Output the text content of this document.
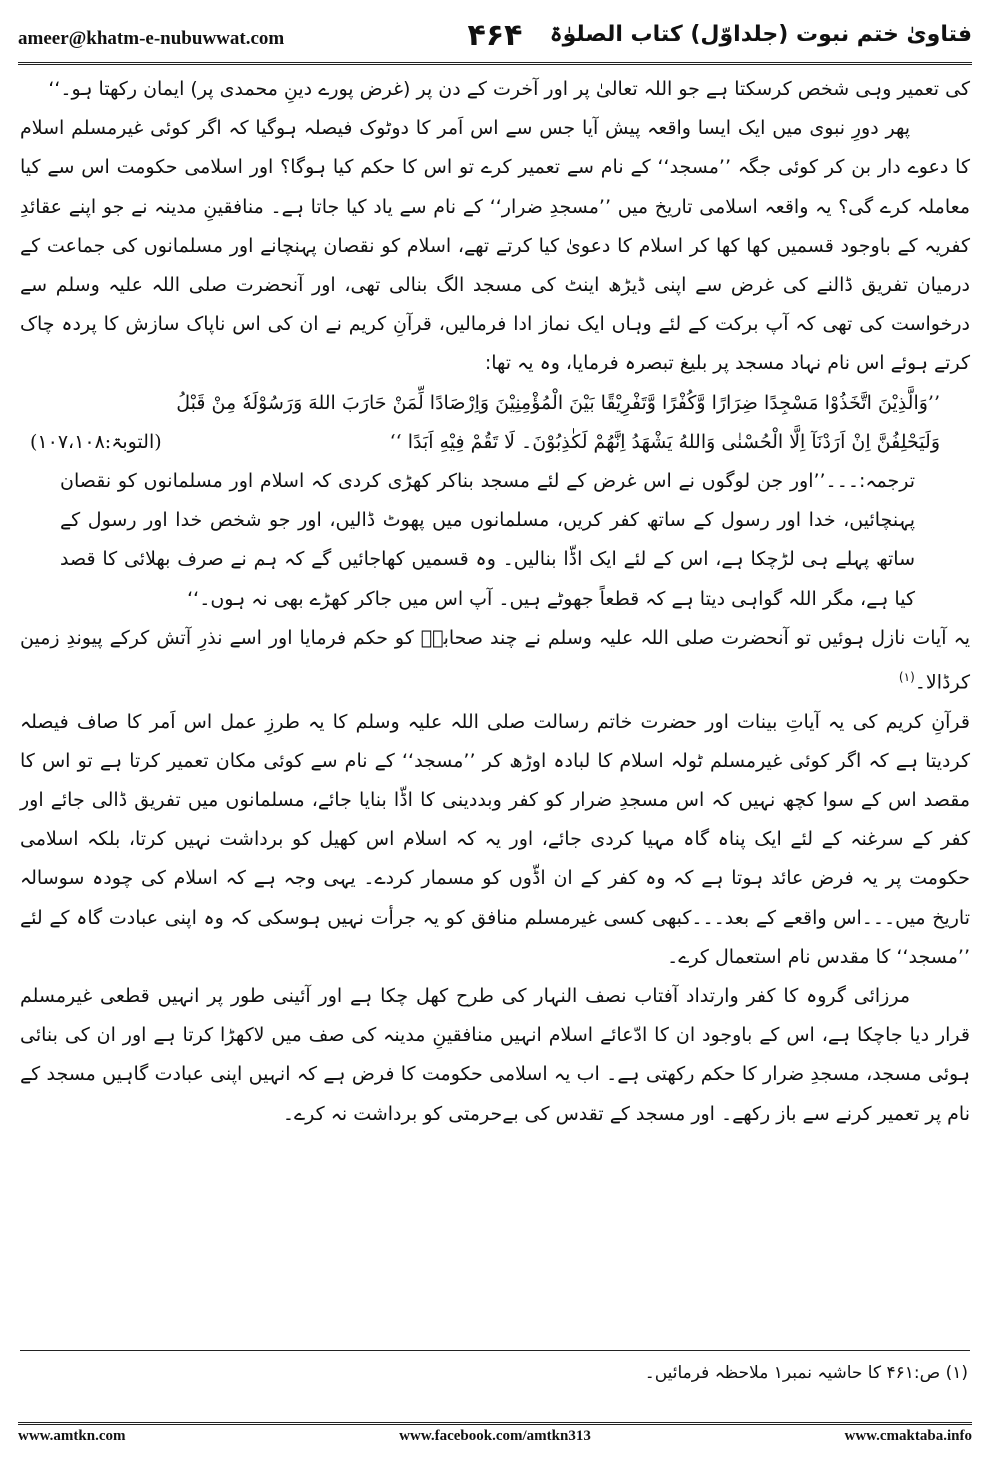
ameer@khatm-e-nubuwwat.com	۴۶۴	فتاویٰ ختم نبوت (جلداوّل) کتاب الصلوٰۃ

کی تعمیر وہی شخص کرسکتا ہے جو اللہ تعالیٰ پر اور آخرت کے دن پر (غرض پورے دینِ محمدی پر) ایمان رکھتا ہو۔‘‘

پھر دورِ نبوی میں ایک ایسا واقعہ پیش آیا جس سے اس اَمر کا دوٹوک فیصلہ ہوگیا کہ اگر کوئی غیرمسلم اسلام کا دعوے دار بن کر کوئی جگہ ’’مسجد‘‘ کے نام سے تعمیر کرے تو اس کا حکم کیا ہوگا؟ اور اسلامی حکومت اس سے کیا معاملہ کرے گی؟ یہ واقعہ اسلامی تاریخ میں ’’مسجدِ ضرار‘‘ کے نام سے یاد کیا جاتا ہے۔ منافقینِ مدینہ نے جو اپنے عقائدِ کفریہ کے باوجود قسمیں کھا کھا کر اسلام کا دعویٰ کیا کرتے تھے، اسلام کو نقصان پہنچانے اور مسلمانوں کی جماعت کے درمیان تفریق ڈالنے کی غرض سے اپنی ڈیڑھ اینٹ کی مسجد الگ بنالی تھی، اور آنحضرت صلی اللہ علیہ وسلم سے درخواست کی تھی کہ آپ برکت کے لئے وہاں ایک نماز ادا فرمالیں، قرآنِ کریم نے ان کی اس ناپاک سازش کا پردہ چاک کرتے ہوئے اس نام نہاد مسجد پر بلیغ تبصرہ فرمایا، وہ یہ تھا:

’’وَالَّذِیْنَ اتَّخَذُوْا مَسْجِدًا ضِرَارًا وَّکُفْرًا وَّتَفْرِیْقًا بَیْنَ الْمُؤْمِنِیْنَ وَاِرْصَادًا لِّمَنْ حَارَبَ اللهَ وَرَسُوْلَهٗ مِنْ قَبْلُ

وَلَیَحْلِفُنَّ اِنْ اَرَدْنَآ اِلَّا الْحُسْنٰی وَاللهُ یَشْهَدُ اِنَّهُمْ لَکٰذِبُوْنَ۔ لَا تَقُمْ فِیْهِ اَبَدًا ‘‘
(التوبۃ:۱۰۷،۱۰۸)

ترجمہ:۔۔۔’’اور جن لوگوں نے اس غرض کے لئے مسجد بناکر کھڑی کردی کہ اسلام اور مسلمانوں کو نقصان پہنچائیں، خدا اور رسول کے ساتھ کفر کریں، مسلمانوں میں پھوٹ ڈالیں، اور جو شخص خدا اور رسول کے ساتھ پہلے ہی لڑچکا ہے، اس کے لئے ایک اڈّا بنالیں۔ وہ قسمیں کھاجائیں گے کہ ہم نے صرف بھلائی کا قصد کیا ہے، مگر اللہ گواہی دیتا ہے کہ قطعاً جھوٹے ہیں۔ آپ اس میں جاکر کھڑے بھی نہ ہوں۔‘‘

یہ آیات نازل ہوئیں تو آنحضرت صلی اللہ علیہ وسلم نے چند صحابہؓ کو حکم فرمایا اور اسے نذرِ آتش کرکے پیوندِ زمین کرڈالا۔$^{(۱)}$

قرآنِ کریم کی یہ آیاتِ بینات اور حضرت خاتم رسالت صلی اللہ علیہ وسلم کا یہ طرزِ عمل اس اَمر کا صاف فیصلہ کردیتا ہے کہ اگر کوئی غیرمسلم ٹولہ اسلام کا لبادہ اوڑھ کر ’’مسجد‘‘ کے نام سے کوئی مکان تعمیر کرتا ہے تو اس کا مقصد اس کے سوا کچھ نہیں کہ اس مسجدِ ضرار کو کفر وبددینی کا اڈّا بنایا جائے، مسلمانوں میں تفریق ڈالی جائے اور کفر کے سرغنہ کے لئے ایک پناہ گاہ مہیا کردی جائے، اور یہ کہ اسلام اس کھیل کو برداشت نہیں کرتا، بلکہ اسلامی حکومت پر یہ فرض عائد ہوتا ہے کہ وہ کفر کے ان اڈّوں کو مسمار کردے۔ یہی وجہ ہے کہ اسلام کی چودہ سوسالہ تاریخ میں۔۔۔اس واقعے کے بعد۔۔۔کبھی کسی غیرمسلم منافق کو یہ جرأت نہیں ہوسکی کہ وہ اپنی عبادت گاہ کے لئے ’’مسجد‘‘ کا مقدس نام استعمال کرے۔

مرزائی گروہ کا کفر وارتداد آفتاب نصف النہار کی طرح کھل چکا ہے اور آئینی طور پر انہیں قطعی غیرمسلم قرار دیا جاچکا ہے، اس کے باوجود ان کا ادّعائے اسلام انہیں منافقینِ مدینہ کی صف میں لاکھڑا کرتا ہے اور ان کی بنائی ہوئی مسجد، مسجدِ ضرار کا حکم رکھتی ہے۔ اب یہ اسلامی حکومت کا فرض ہے کہ انہیں اپنی عبادت گاہیں مسجد کے نام پر تعمیر کرنے سے باز رکھے۔ اور مسجد کے تقدس کی بےحرمتی کو برداشت نہ کرے۔

(۱) ص:۴۶۱ کا حاشیہ نمبر۱ ملاحظہ فرمائیں۔
www.amtkn.com	www.facebook.com/amtkn313	www.cmaktaba.info
